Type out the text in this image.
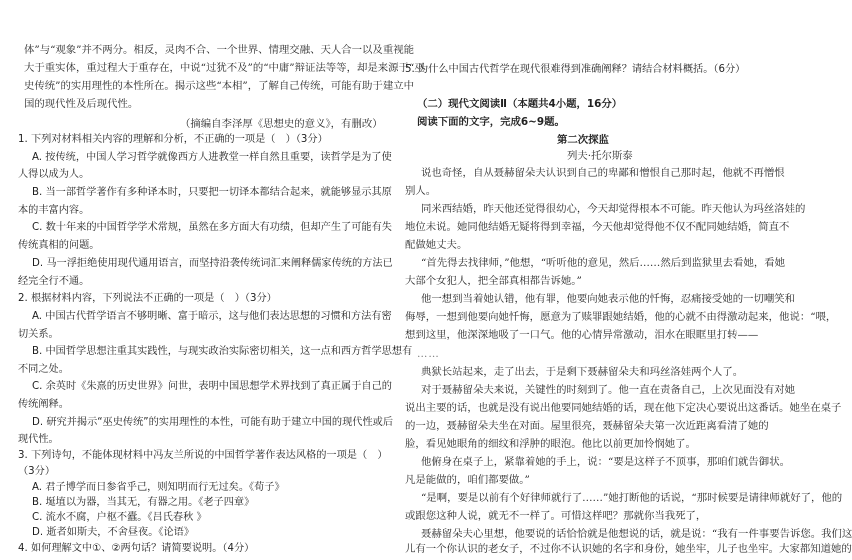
体”与“观象”并不两分。相反，灵肉不合、一个世界、情理交融、天人合一以及重视能
大于重实体，重过程大于重存在，中说“过犹不及”的“中庸”辩证法等等，却是来源于“巫
史传统”的实用理性的本性所在。揭示这些“本相”，了解自己传统，可能有助于建立中
国的现代性及后现代性。
（摘编自李泽厚《思想史的意义》，有删改）
1. 下列对材料相关内容的理解和分析，不正确的一项是（　）（3分）
A. 按传统，中国人学习哲学就像西方人进教堂一样自然且重要，读哲学是为了使
人得以成为人。
B. 当一部哲学著作有多种译本时，只要把一切译本都结合起来，就能够显示其原
本的丰富内容。
C. 数十年来的中国哲学学术常规，虽然在多方面大有功绩，但却产生了可能有失
传统真相的问题。
D. 马一浮拒绝使用现代通用语言，而坚持沿袭传统词汇来阐释儒家传统的方法已
经完全行不通。
2. 根据材料内容，下列说法不正确的一项是（　）（3分）
A. 中国古代哲学语言不够明晰、富于暗示，这与他们表达思想的习惯和方法有密
切关系。
B. 中国哲学思想注重其实践性，与现实政治实际密切相关，这一点和西方哲学思想有
不同之处。
C. 余英时《朱熹的历史世界》问世，表明中国思想学术界找到了真正属于自己的
传统阐释。
D. 研究并揭示“巫史传统”的实用理性的本性，可能有助于建立中国的现代性或后
现代性。
3. 下列诗句，不能体现材料中冯友兰所说的中国哲学著作表达风格的一项是（　）
（3分）
A. 君子博学而日参省乎己，则知明而行无过矣。《荀子》
B. 埏埴以为器，当其无，有器之用。《老子四章》
C. 流水不腐，户枢不蠹。《吕氏春秋 》
D. 逝者如斯夫，不舍昼夜。《论语》
4. 如何理解文中①、②两句话？请简要说明。（4分）
5. 为什么中国古代哲学在现代很难得到准确阐释？请结合材料概括。（6分）
（二）现代文阅读Ⅱ（本题共4小题，16分）
阅读下面的文字，完成6~9题。
第二次探监
列夫·托尔斯泰
说也奇怪，自从聂赫留朵夫认识到自己的卑鄙和憎恨自己那时起，他就不再憎恨
别人。
同米西结婚，昨天他还觉得很幼心，今天却觉得根本不可能。昨天他认为玛丝洛娃的
地位未说。她同他结婚无疑将得到幸福，今天他却觉得他不仅不配同她结婚，简直不
配做她丈夫。
“首先得去找律师，”他想，“听听他的意见，然后……然后到监狱里去看她，看她
大部个女犯人，把全部真相都告诉她。”
他一想到当着她认错，他有罪，他要向她表示他的忏悔，忍痛接受她的一切嘲笑和
侮辱，一想到他要向她忏悔，愿意为了赎罪跟她结婚，他的心就不由得激动起来，他说：“喂，
想到这里，他深深地吸了一口气。他的心情异常激动，泪水在眼眶里打转——
……
典狱长站起来，走了出去，于是剩下聂赫留朵夫和玛丝洛娃两个人了。
对于聂赫留朵夫来说，关键性的时刻到了。他一直在责备自己，上次见面没有对她
说出主要的话，也就是没有说出他要同她结婚的话，现在他下定决心要说出这番话。她坐在桌子
的一边，聂赫留朵夫坐在对面。屋里很亮，聂赫留朵夫第一次近距离看清了她的
脸，看见她眼角的细纹和浮肿的眼泡。他比以前更加怜悯她了。
他俯身在桌子上，紧靠着她的手上，说：“要是这样子不顶事，那咱们就告御状。
凡是能做的，咱们都要做。”
“是啊，要是以前有个好律师就行了……”她打断他的话说，“那时候要是请律师就好了，他的
或跟您这种人说，就无不一样了。可惜这样吧？那就你当我死了，
聂赫留朵夫心里想，他要说的话恰恰就是他想说的话，就是说：“我有一件事要告诉您。我们这
儿有一个你认识的老女子，不过你不认识她的名字和身份，她坐牢，儿子也坐牢。大家都知道她的
